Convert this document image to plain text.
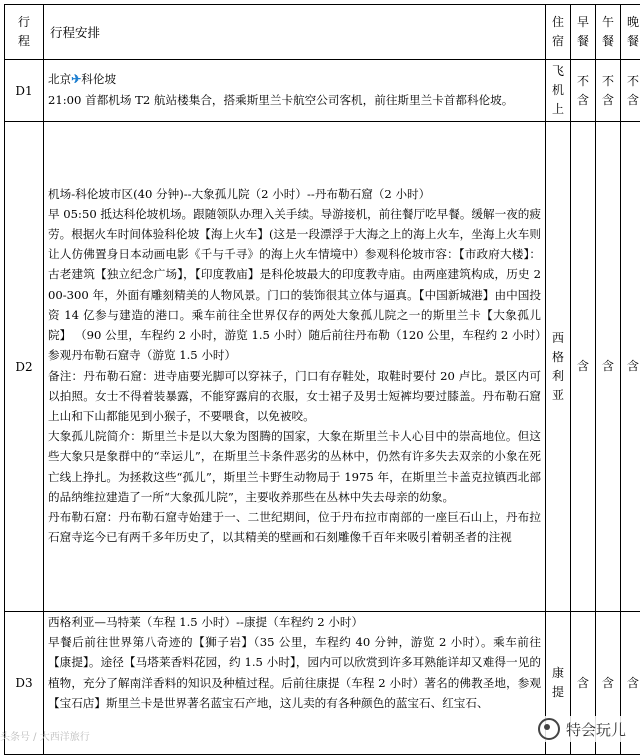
行程	行程安排	住宿	早餐	午餐	晚餐
D1	北京✈科伦坡

21:00 首都机场 T2 航站楼集合，搭乘斯里兰卡航空公司客机，前往斯里兰卡首都科伦坡。	飞机上	不含	不含	不含
D2	机场-科伦坡市区(40 分钟)--大象孤儿院（2 小时）--丹布勒石窟（2 小时）

早 05:50 抵达科伦坡机场。跟随领队办理入关手续。导游接机，前往餐厅吃早餐。缓解一夜的疲劳。根据火车时间体验科伦坡【海上火车】(这是一段漂浮于大海之上的海上火车，坐海上火车则让人仿佛置身日本动画电影《千与千寻》的海上火车情境中）参观科伦坡市容：【市政府大楼】：古老建筑【独立纪念广场】，【印度教庙】是科伦坡最大的印度教寺庙。由两座建筑构成，历史 200-300 年，外面有雕刻精美的人物风景。门口的装饰很其立体与逼真。【中国新城港】由中国投资 14 亿参与建造的港口。乘车前往全世界仅存的两处大象孤儿院之一的斯里兰卡【大象孤儿院】 （90 公里，车程约 2 小时，游览 1.5 小时）随后前往丹布勒（120 公里，车程约 2 小时）参观丹布勒石窟寺（游览 1.5 小时）

备注：丹布勒石窟：进寺庙要光脚可以穿袜子，门口有存鞋处，取鞋时要付 20 卢比。景区内可以拍照。女士不得着装暴露，不能穿露肩的衣服，女士裙子及男士短裤均要过膝盖。丹布勒石窟上山和下山都能见到小猴子，不要喂食，以免被咬。

大象孤儿院简介：斯里兰卡是以大象为图腾的国家，大象在斯里兰卡人心目中的崇高地位。但这些大象只是象群中的“幸运儿”，在斯里兰卡条件恶劣的丛林中，仍然有许多失去双亲的小象在死亡线上挣扎。为拯救这些“孤儿”，斯里兰卡野生动物局于 1975 年，在斯里兰卡盖克拉镇西北部的品纳维拉建造了一所“大象孤儿院”，主要收养那些在丛林中失去母亲的幼象。

丹布勒石窟：丹布勒石窟寺始建于一、二世纪期间，位于丹布拉市南部的一座巨石山上，丹布拉石窟寺迄今已有两千多年历史了，以其精美的壁画和石刻雕像千百年来吸引着朝圣者的注视	西格利亚	含	含	含
D3	西格利亚—马特莱（车程 1.5 小时）--康提（车程约 2 小时）

早餐后前往世界第八奇迹的【狮子岩】（35 公里，车程约 40 分钟，游览 2 小时）。乘车前往【康提】。途径【马塔莱香料花园，约 1.5 小时】，园内可以欣赏到许多耳熟能详却又难得一见的植物，充分了解南洋香料的知识及种植过程。后前往康提（车程 2 小时）著名的佛教圣地，参观【宝石店】斯里兰卡是世界著名蓝宝石产地，这儿卖的有各种颜色的蓝宝石、红宝石、	康提	含	含	含
头条号 / 大西洋旅行	特会玩儿
